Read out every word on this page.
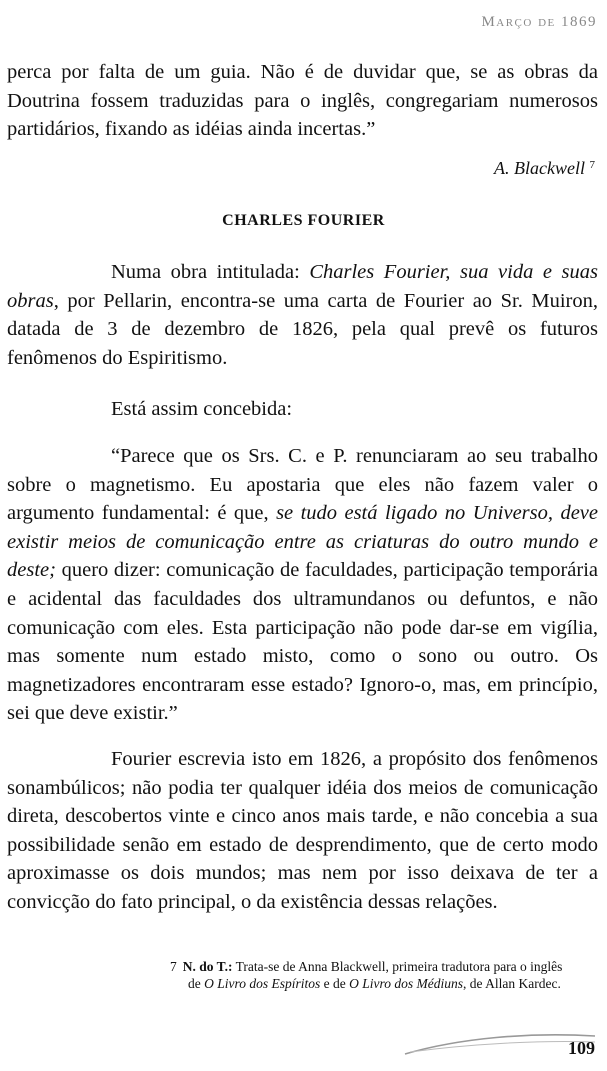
Março de 1869

perca por falta de um guia. Não é de duvidar que, se as obras da Doutrina fossem traduzidas para o inglês, congregariam numerosos partidários, fixando as idéias ainda incertas.”

A. Blackwell $^7$
CHARLES FOURIER

Numa obra intitulada: Charles Fourier, sua vida e suas obras, por Pellarin, encontra-se uma carta de Fourier ao Sr. Muiron, datada de 3 de dezembro de 1826, pela qual prevê os futuros fenômenos do Espiritismo.

Está assim concebida:

“Parece que os Srs. C. e P. renunciaram ao seu trabalho sobre o magnetismo. Eu apostaria que eles não fazem valer o argumento fundamental: é que, se tudo está ligado no Universo, deve existir meios de comunicação entre as criaturas do outro mundo e deste; quero dizer: comunicação de faculdades, participação temporária e acidental das faculdades dos ultramundanos ou defuntos, e não comunicação com eles. Esta participação não pode dar-se em vigília, mas somente num estado misto, como o sono ou outro. Os magnetizadores encontraram esse estado? Ignoro-o, mas, em princípio, sei que deve existir.”

Fourier escrevia isto em 1826, a propósito dos fenômenos sonambúlicos; não podia ter qualquer idéia dos meios de comunicação direta, descobertos vinte e cinco anos mais tarde, e não concebia a sua possibilidade senão em estado de desprendimento, que de certo modo aproximasse os dois mundos; mas nem por isso deixava de ter a convicção do fato principal, o da existência dessas relações.

7 N. do T.: Trata-se de Anna Blackwell, primeira tradutora para o inglês
de O Livro dos Espíritos e de O Livro dos Médiuns, de Allan Kardec.
109
